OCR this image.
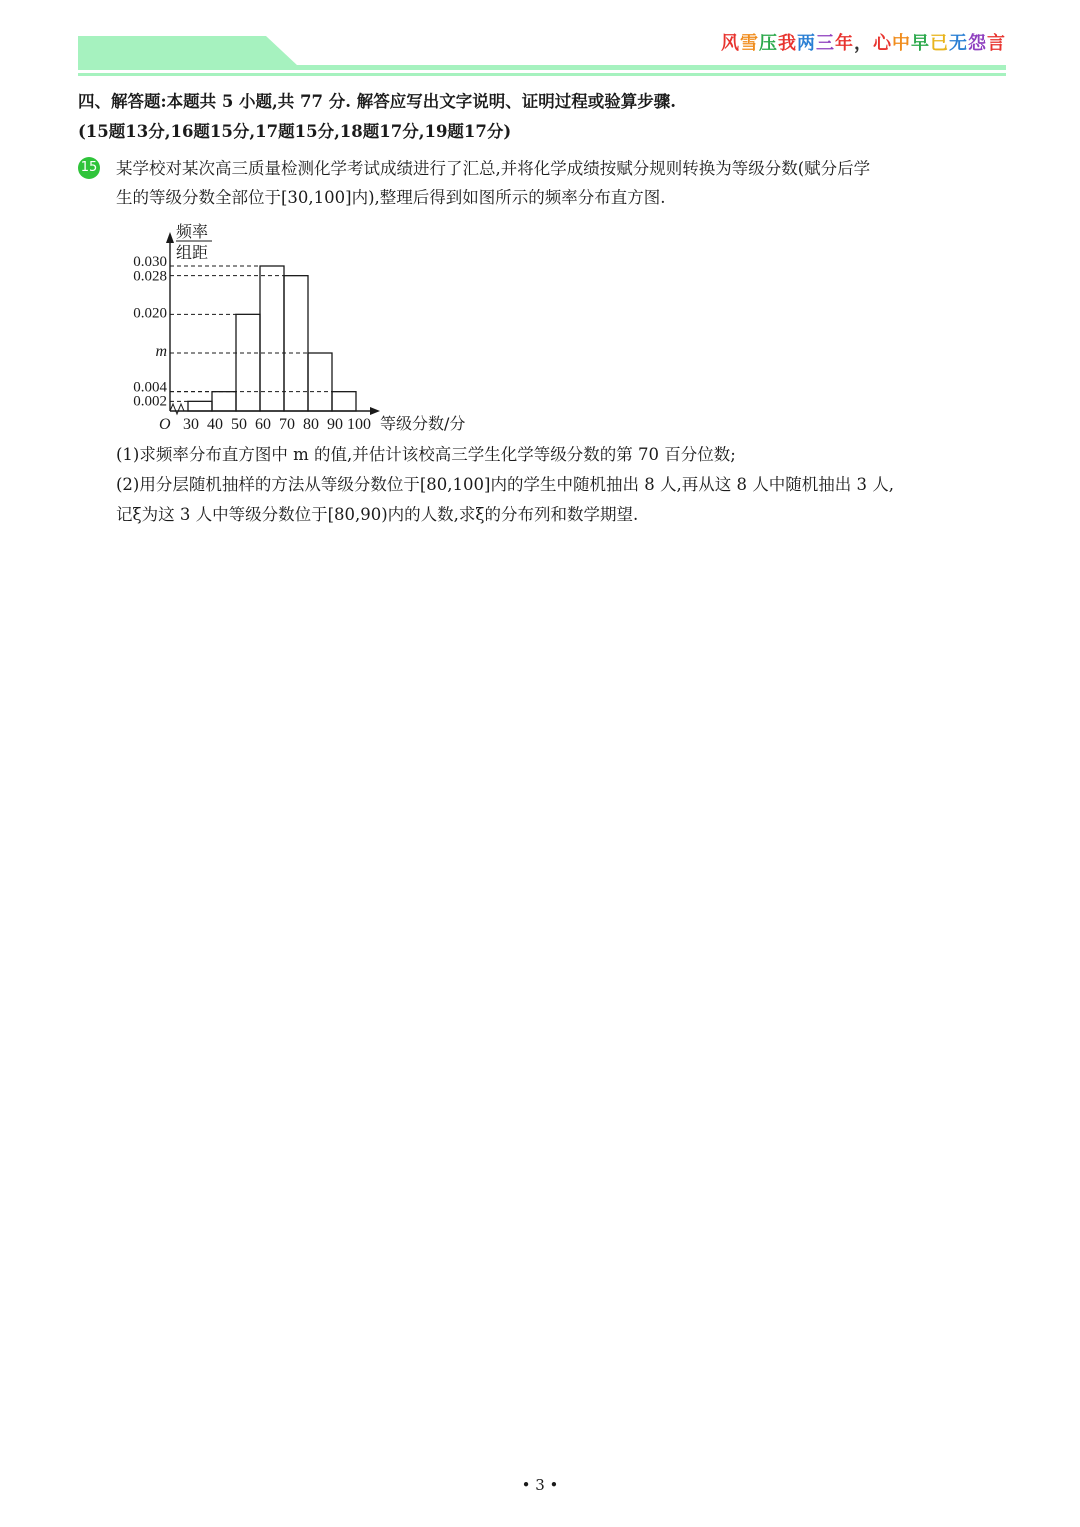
风雪压我两三年，心中早已无怨言
四、解答题:本题共 5 小题,共 77 分. 解答应写出文字说明、证明过程或验算步骤.
(15题13分,16题15分,17题15分,18题17分,19题17分)
15 某学校对某次高三质量检测化学考试成绩进行了汇总,并将化学成绩按赋分规则转换为等级分数(赋分后学

生的等级分数全部位于[30,100]内),整理后得到如图所示的频率分布直方图.

0.030
0.028
0.020
m
0.004
0.002
O 30 40 50 60 70 80 90 100 等级分数/分
频率
组距

(1)求频率分布直方图中 m 的值,并估计该校高三学生化学等级分数的第 70 百分位数;

(2)用分层随机抽样的方法从等级分数位于[80,100]内的学生中随机抽出 8 人,再从这 8 人中随机抽出 3 人,

记ξ为这 3 人中等级分数位于[80,90)内的人数,求ξ的分布列和数学期望.

• 3 •
